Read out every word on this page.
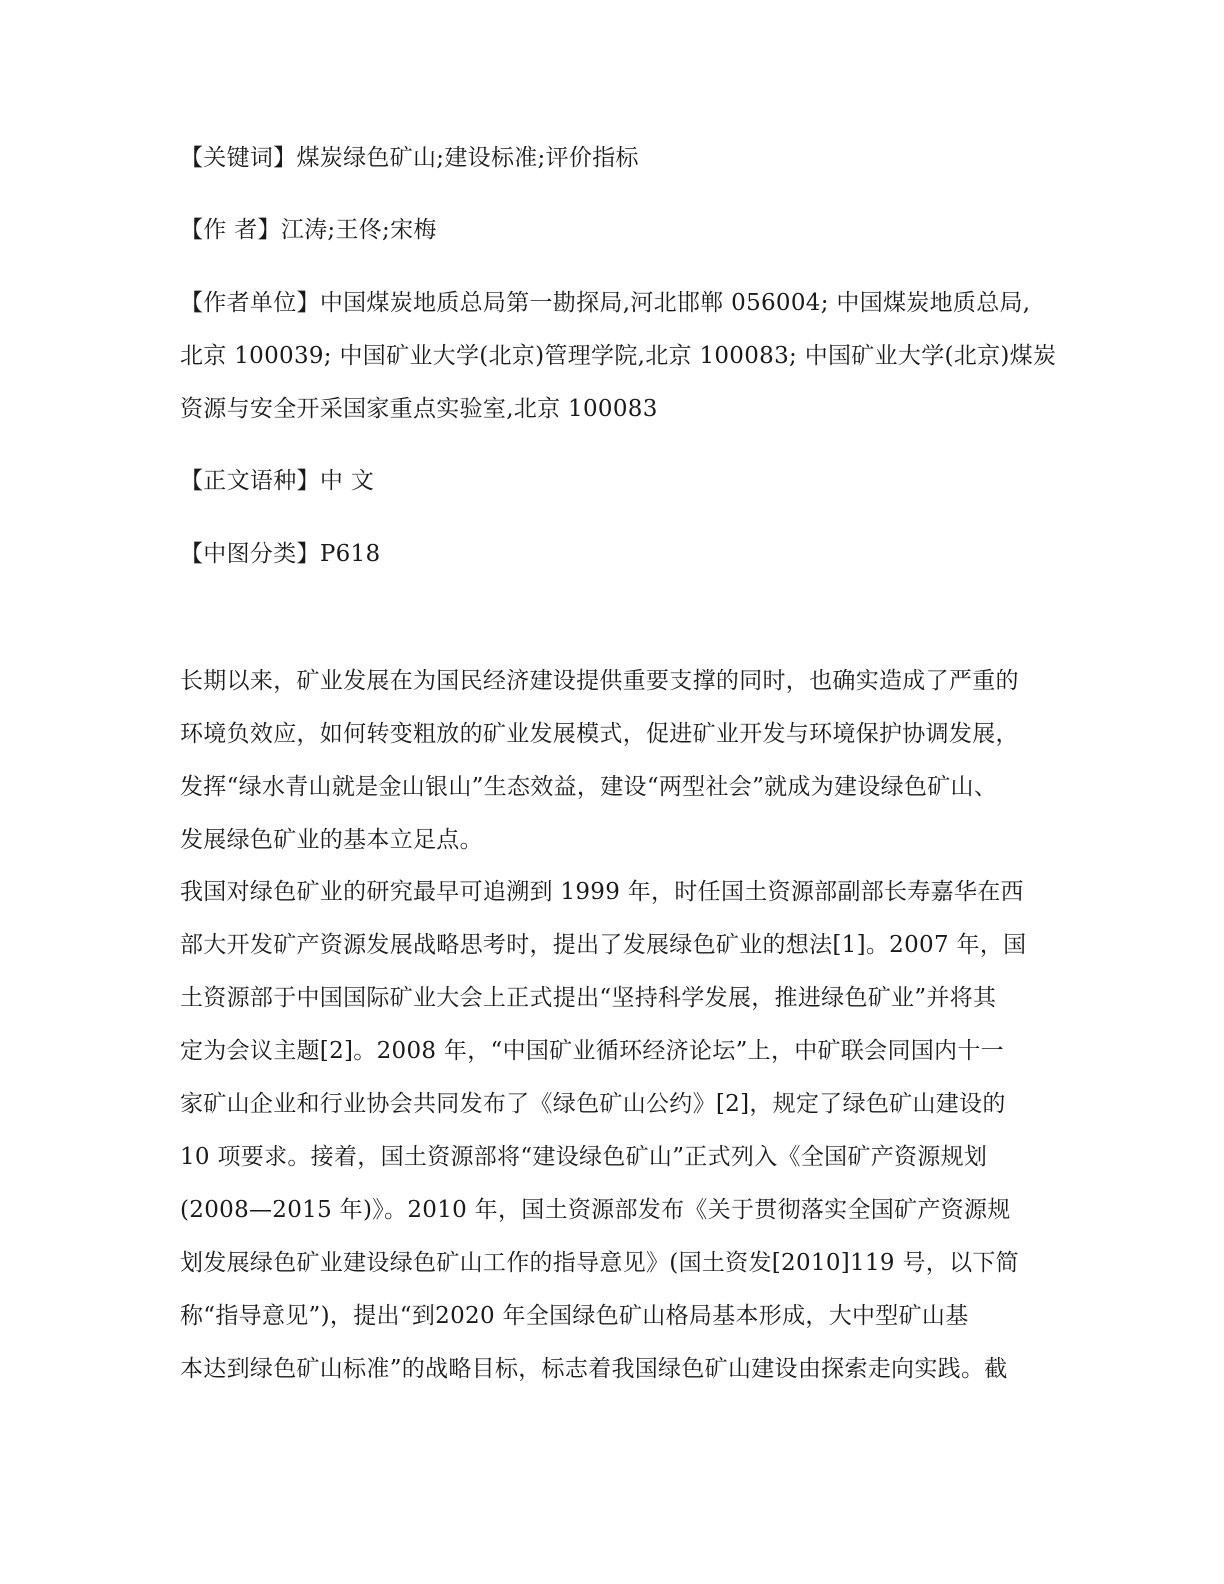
【关键词】煤炭绿色矿山;建设标准;评价指标
【作 者】江涛;王佟;宋梅
【作者单位】中国煤炭地质总局第一勘探局,河北邯郸 056004; 中国煤炭地质总局,
北京 100039; 中国矿业大学(北京)管理学院,北京 100083; 中国矿业大学(北京)煤炭
资源与安全开采国家重点实验室,北京 100083
【正文语种】中 文
【中图分类】P618
长期以来，矿业发展在为国民经济建设提供重要支撑的同时，也确实造成了严重的
环境负效应，如何转变粗放的矿业发展模式，促进矿业开发与环境保护协调发展，
发挥“绿水青山就是金山银山”生态效益，建设“两型社会”就成为建设绿色矿山、
发展绿色矿业的基本立足点。
我国对绿色矿业的研究最早可追溯到 1999 年，时任国土资源部副部长寿嘉华在西
部大开发矿产资源发展战略思考时，提出了发展绿色矿业的想法[1]。2007 年，国
土资源部于中国国际矿业大会上正式提出“坚持科学发展，推进绿色矿业”并将其
定为会议主题[2]。2008 年，“中国矿业循环经济论坛”上，中矿联会同国内十一
家矿山企业和行业协会共同发布了《绿色矿山公约》[2]，规定了绿色矿山建设的
10 项要求。接着，国土资源部将“建设绿色矿山”正式列入《全国矿产资源规划
(2008—2015 年)》。2010 年，国土资源部发布《关于贯彻落实全国矿产资源规
划发展绿色矿业建设绿色矿山工作的指导意见》(国土资发[2010]119 号，以下简
称“指导意见”)，提出“到2020 年全国绿色矿山格局基本形成，大中型矿山基
本达到绿色矿山标准”的战略目标，标志着我国绿色矿山建设由探索走向实践。截
